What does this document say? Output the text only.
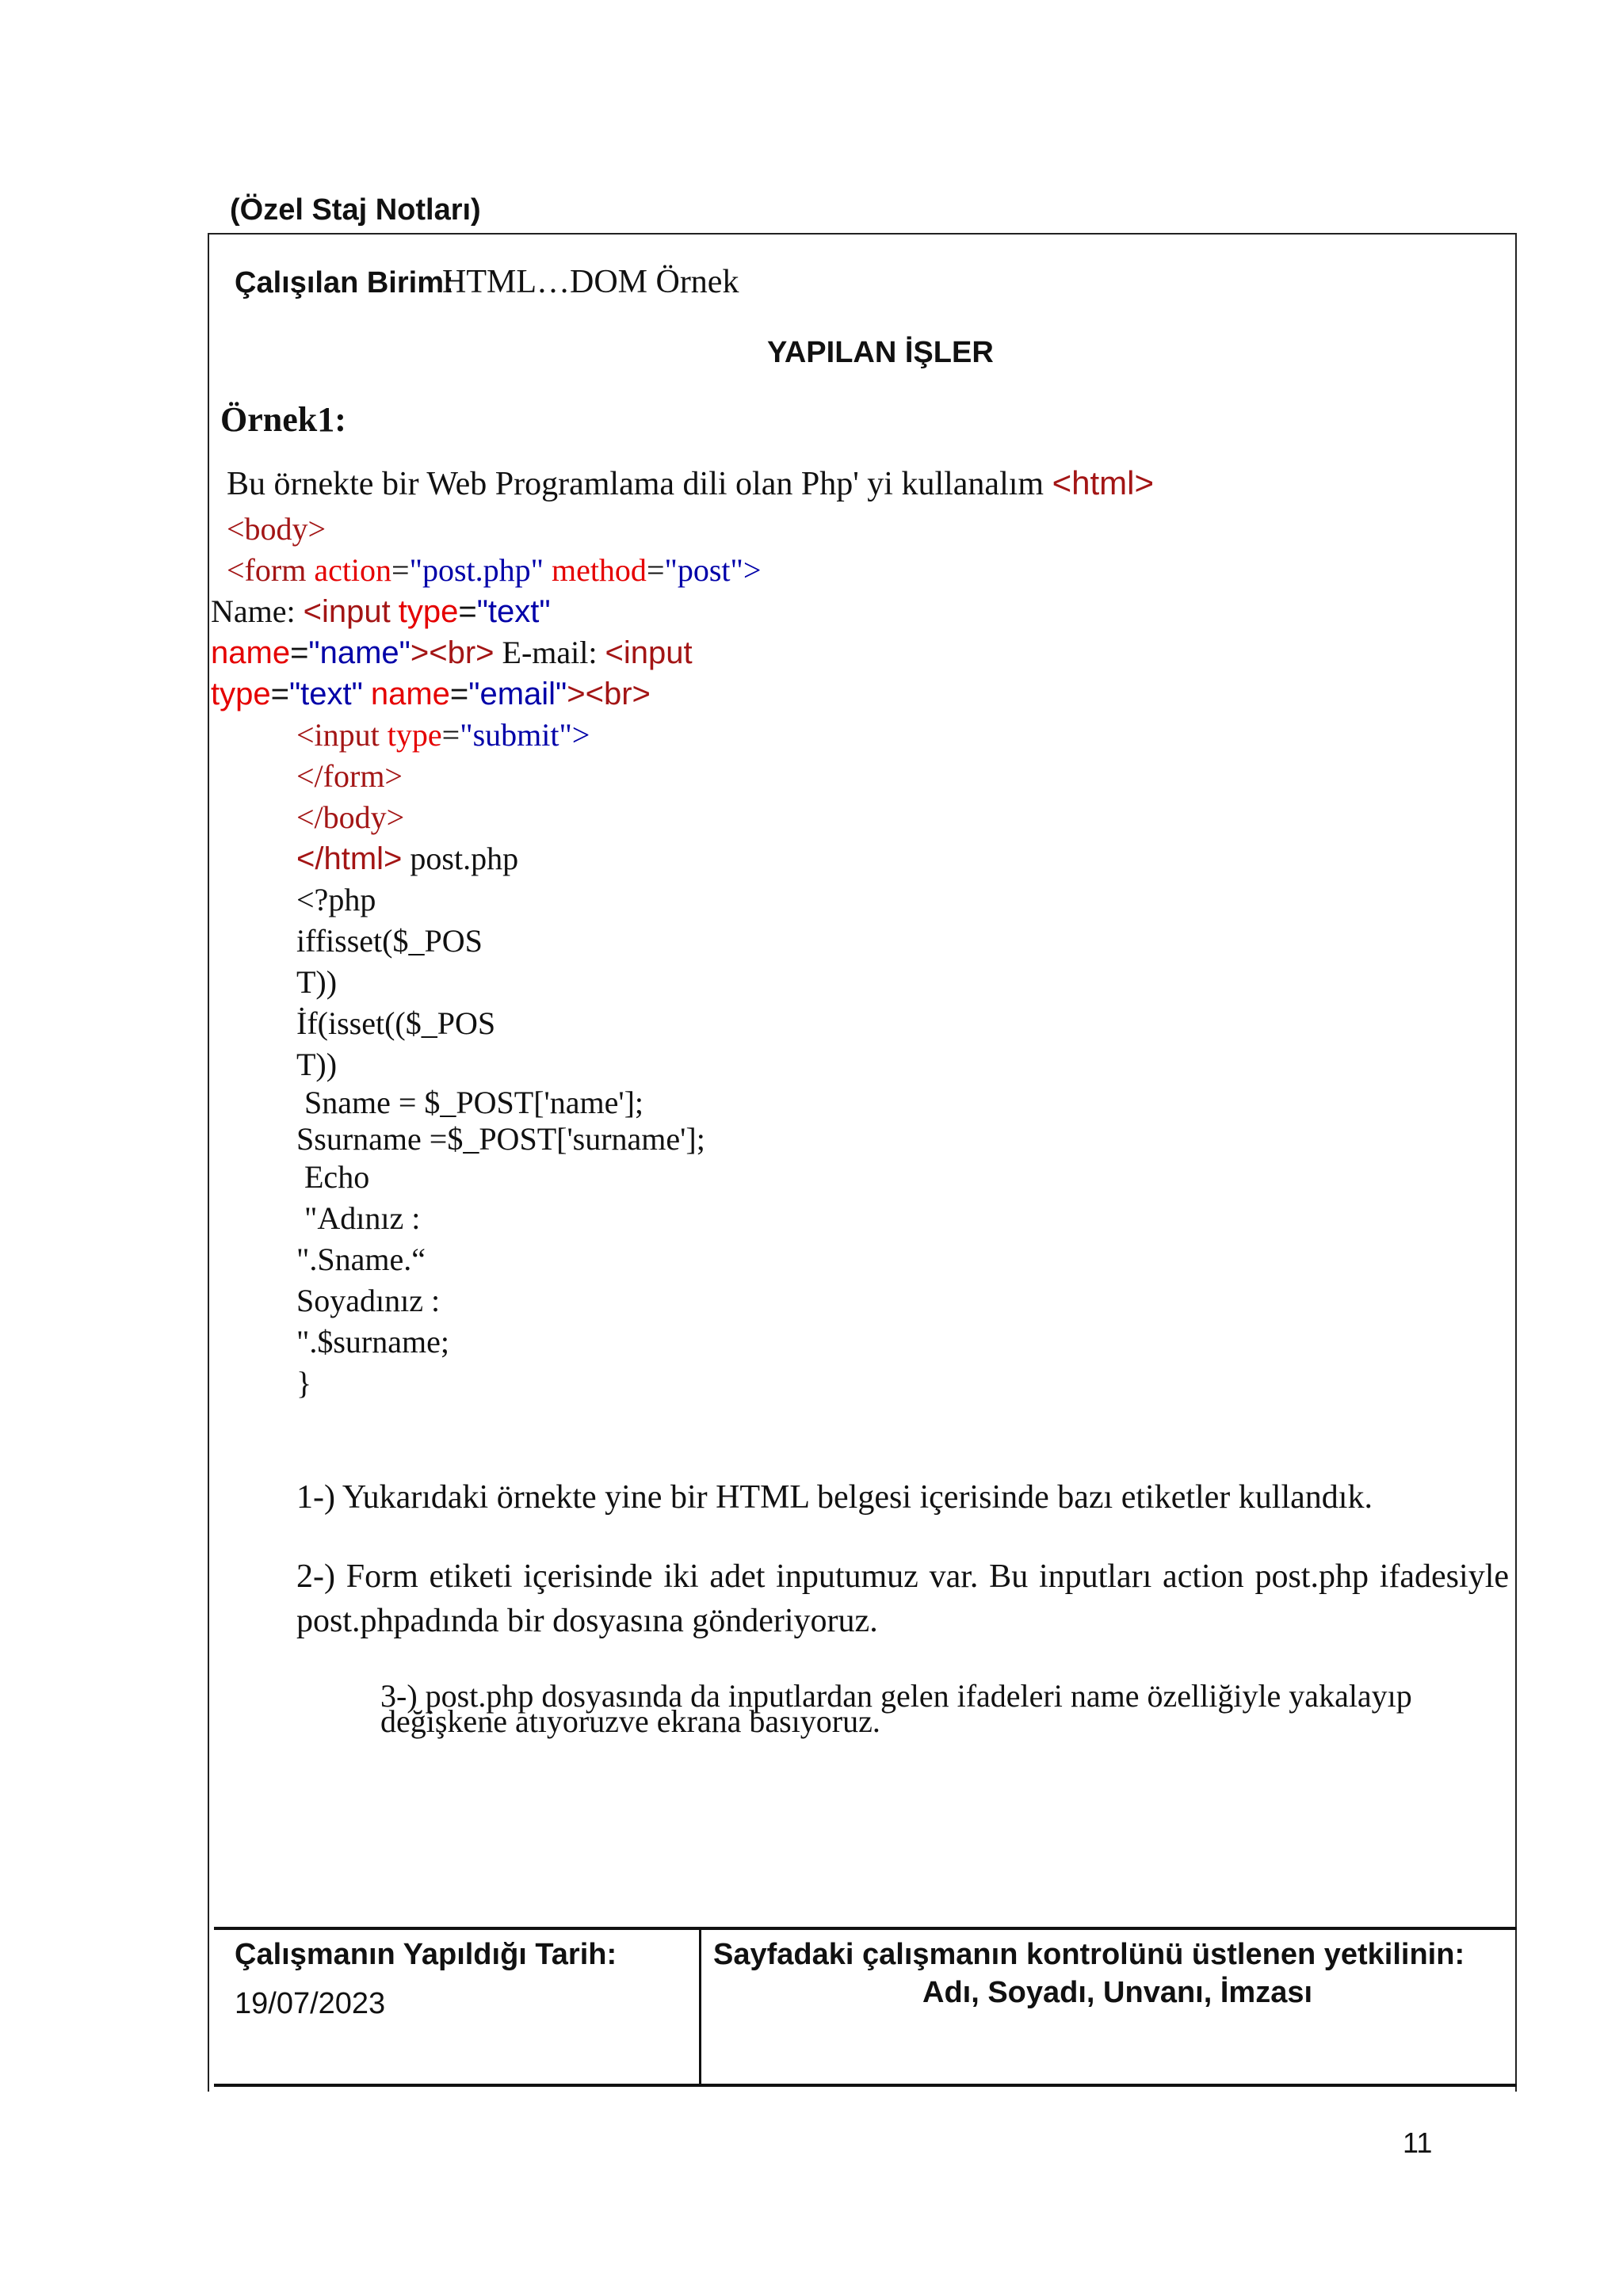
(Özel Staj Notları)
Çalışılan Birim:
HTML…DOM Örnek
YAPILAN İŞLER
Örnek1:
Bu örnekte bir Web Programlama dili olan Php' yi kullanalım <html>
<body>
<form action="post.php" method="post">
Name: <input type="text"
name="name"><br> E-mail: <input
type="text" name="email"><br>
<input type="submit">
</form>
</body>
</html> post.php
<?php
iffisset($_POS
T))
İf(isset(($_POS
T))
Sname = $_POST['name'];
Ssurname =$_POST['surname'];
Echo
"Adınız :
".Sname.“
Soyadınız :
".$surname;
}
1-) Yukarıdaki örnekte yine bir HTML belgesi içerisinde bazı etiketler kullandık.
2-) Form etiketi içerisinde iki adet inputumuz var. Bu inputları action post.php ifadesiyle
post.phpadında bir dosyasına gönderiyoruz.
3-) post.php dosyasında da inputlardan gelen ifadeleri name özelliğiyle yakalayıp
değişkene atıyoruzve ekrana basıyoruz.
Çalışmanın Yapıldığı Tarih:
19/07/2023
Sayfadaki çalışmanın kontrolünü üstlenen yetkilinin:
Adı, Soyadı, Unvanı, İmzası
11
